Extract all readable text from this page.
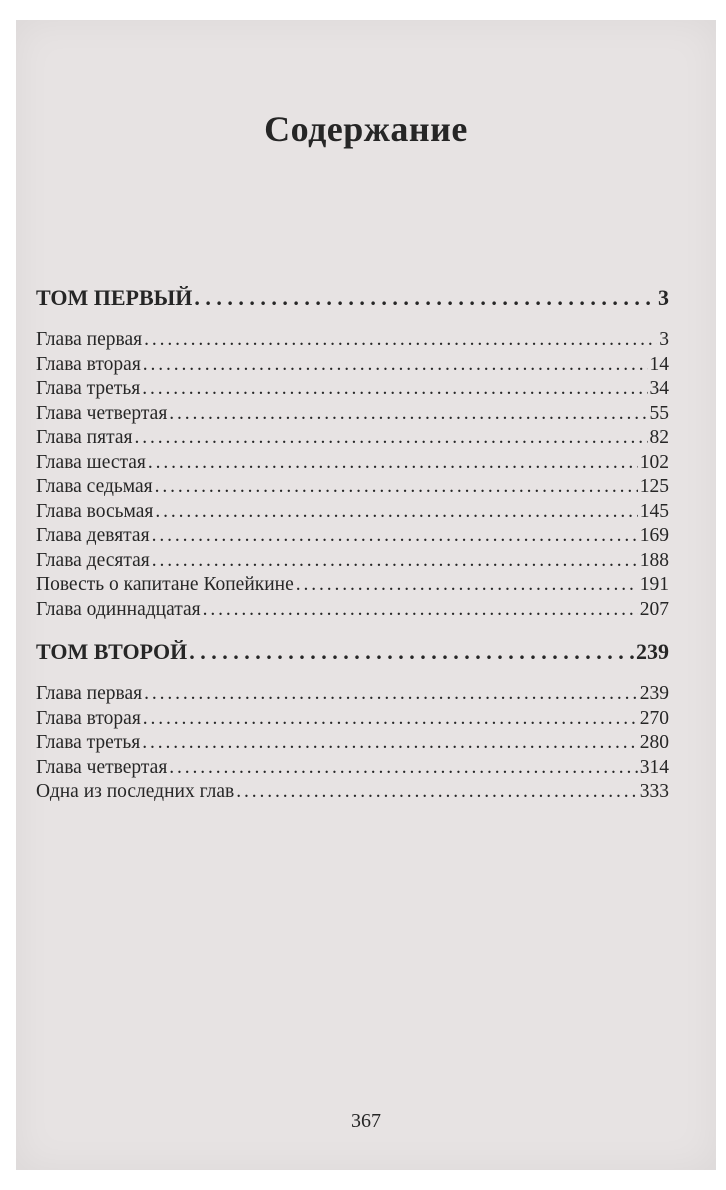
Содержание
ТОМ ПЕРВЫЙ . . .	3
Глава первая . . .	3
Глава вторая . . .	14
Глава третья . . .	34
Глава четвертая . . .	55
Глава пятая . . .	82
Глава шестая . . .	102
Глава седьмая . . .	125
Глава восьмая . . .	145
Глава девятая . . .	169
Глава десятая . . .	188
Повесть о капитане Копейкине . . .	191
Глава одиннадцатая . . .	207
ТОМ ВТОРОЙ . . .	239
Глава первая . . .	239
Глава вторая . . .	270
Глава третья . . .	280
Глава четвертая . . .	314
Одна из последних глав . . .	333
367
